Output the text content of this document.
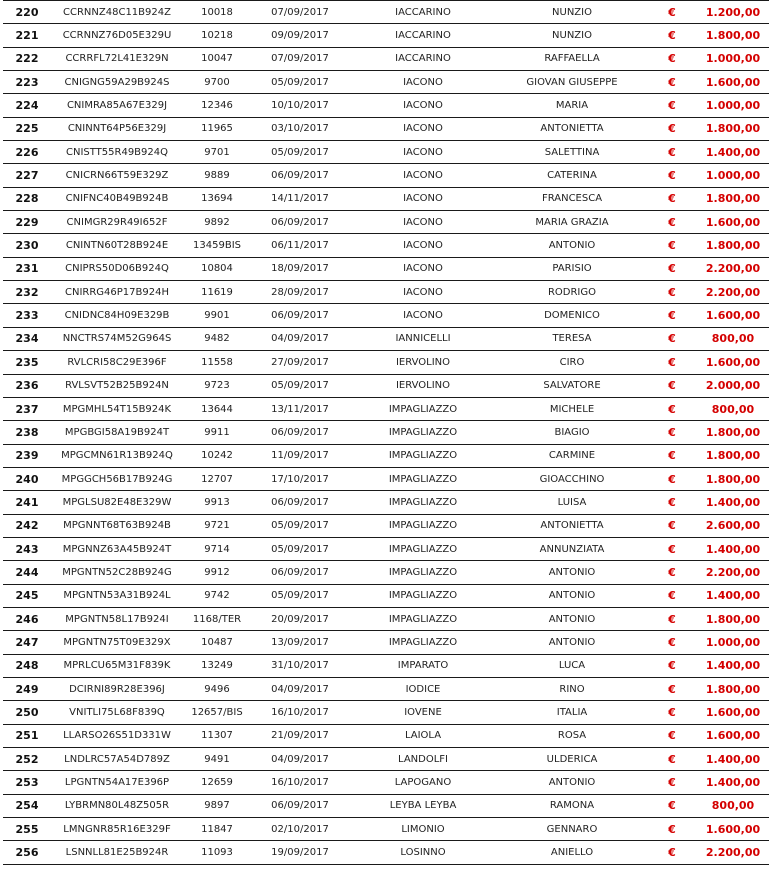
220	CCRNNZ48C11B924Z	10018	07/09/2017	IACCARINO	NUNZIO	€	1.200,00
221	CCRNNZ76D05E329U	10218	09/09/2017	IACCARINO	NUNZIO	€	1.800,00
222	CCRRFL72L41E329N	10047	07/09/2017	IACCARINO	RAFFAELLA	€	1.000,00
223	CNIGNG59A29B924S	9700	05/09/2017	IACONO	GIOVAN GIUSEPPE	€	1.600,00
224	CNIMRA85A67E329J	12346	10/10/2017	IACONO	MARIA	€	1.000,00
225	CNINNT64P56E329J	11965	03/10/2017	IACONO	ANTONIETTA	€	1.800,00
226	CNISTT55R49B924Q	9701	05/09/2017	IACONO	SALETTINA	€	1.400,00
227	CNICRN66T59E329Z	9889	06/09/2017	IACONO	CATERINA	€	1.000,00
228	CNIFNC40B49B924B	13694	14/11/2017	IACONO	FRANCESCA	€	1.800,00
229	CNIMGR29R49I652F	9892	06/09/2017	IACONO	MARIA GRAZIA	€	1.600,00
230	CNINTN60T28B924E	13459BIS	06/11/2017	IACONO	ANTONIO	€	1.800,00
231	CNIPRS50D06B924Q	10804	18/09/2017	IACONO	PARISIO	€	2.200,00
232	CNIRRG46P17B924H	11619	28/09/2017	IACONO	RODRIGO	€	2.200,00
233	CNIDNC84H09E329B	9901	06/09/2017	IACONO	DOMENICO	€	1.600,00
234	NNCTRS74M52G964S	9482	04/09/2017	IANNICELLI	TERESA	€	800,00
235	RVLCRI58C29E396F	11558	27/09/2017	IERVOLINO	CIRO	€	1.600,00
236	RVLSVT52B25B924N	9723	05/09/2017	IERVOLINO	SALVATORE	€	2.000,00
237	MPGMHL54T15B924K	13644	13/11/2017	IMPAGLIAZZO	MICHELE	€	800,00
238	MPGBGI58A19B924T	9911	06/09/2017	IMPAGLIAZZO	BIAGIO	€	1.800,00
239	MPGCMN61R13B924Q	10242	11/09/2017	IMPAGLIAZZO	CARMINE	€	1.800,00
240	MPGGCH56B17B924G	12707	17/10/2017	IMPAGLIAZZO	GIOACCHINO	€	1.800,00
241	MPGLSU82E48E329W	9913	06/09/2017	IMPAGLIAZZO	LUISA	€	1.400,00
242	MPGNNT68T63B924B	9721	05/09/2017	IMPAGLIAZZO	ANTONIETTA	€	2.600,00
243	MPGNNZ63A45B924T	9714	05/09/2017	IMPAGLIAZZO	ANNUNZIATA	€	1.400,00
244	MPGNTN52C28B924G	9912	06/09/2017	IMPAGLIAZZO	ANTONIO	€	2.200,00
245	MPGNTN53A31B924L	9742	05/09/2017	IMPAGLIAZZO	ANTONIO	€	1.400,00
246	MPGNTN58L17B924I	1168/TER	20/09/2017	IMPAGLIAZZO	ANTONIO	€	1.800,00
247	MPGNTN75T09E329X	10487	13/09/2017	IMPAGLIAZZO	ANTONIO	€	1.000,00
248	MPRLCU65M31F839K	13249	31/10/2017	IMPARATO	LUCA	€	1.400,00
249	DCIRNI89R28E396J	9496	04/09/2017	IODICE	RINO	€	1.800,00
250	VNITLI75L68F839Q	12657/BIS	16/10/2017	IOVENE	ITALIA	€	1.600,00
251	LLARSO26S51D331W	11307	21/09/2017	LAIOLA	ROSA	€	1.600,00
252	LNDLRC57A54D789Z	9491	04/09/2017	LANDOLFI	ULDERICA	€	1.400,00
253	LPGNTN54A17E396P	12659	16/10/2017	LAPOGANO	ANTONIO	€	1.400,00
254	LYBRMN80L48Z505R	9897	06/09/2017	LEYBA LEYBA	RAMONA	€	800,00
255	LMNGNR85R16E329F	11847	02/10/2017	LIMONIO	GENNARO	€	1.600,00
256	LSNNLL81E25B924R	11093	19/09/2017	LOSINNO	ANIELLO	€	2.200,00
